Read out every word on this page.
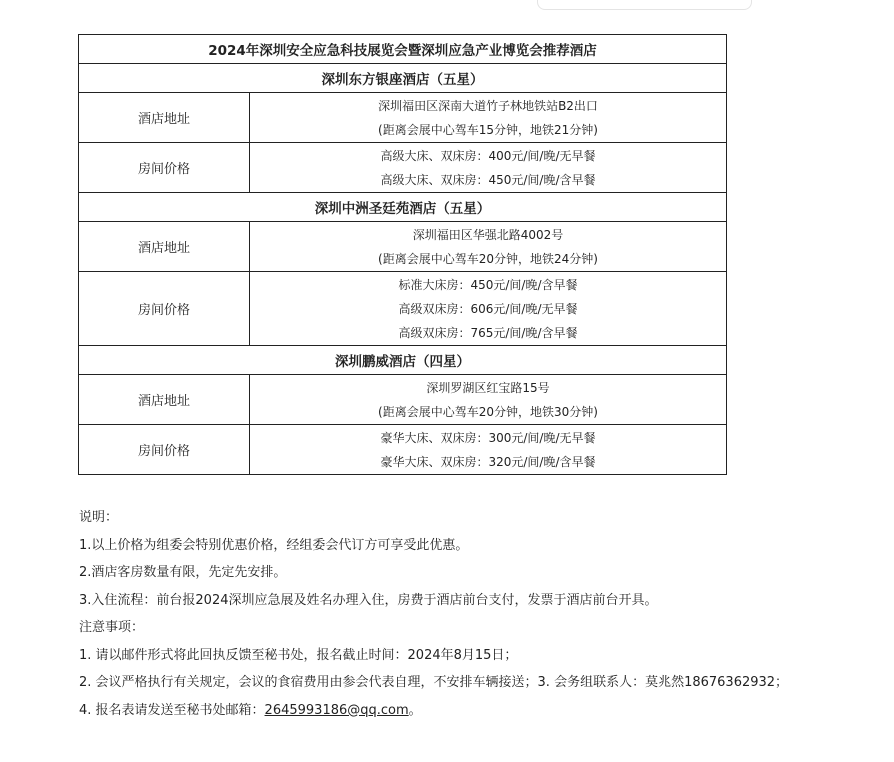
2024年深圳安全应急科技展览会暨深圳应急产业博览会推荐酒店	
深圳东方银座酒店（五星）	
酒店地址	深圳福田区深南大道竹子林地铁站B2出口
(距离会展中心驾车15分钟，地铁21分钟)

房间价格	高级大床、双床房：400元/间/晚/无早餐
高级大床、双床房：450元/间/晚/含早餐

深圳中洲圣廷苑酒店（五星）	
酒店地址	深圳福田区华强北路4002号
(距离会展中心驾车20分钟，地铁24分钟)

房间价格	标准大床房：450元/间/晚/含早餐
高级双床房：606元/间/晚/无早餐
高级双床房：765元/间/晚/含早餐

深圳鹏威酒店（四星）	
酒店地址	深圳罗湖区红宝路15号
(距离会展中心驾车20分钟，地铁30分钟)

房间价格	豪华大床、双床房：300元/间/晚/无早餐
豪华大床、双床房：320元/间/晚/含早餐

说明：

1.以上价格为组委会特别优惠价格，经组委会代订方可享受此优惠。

2.酒店客房数量有限，先定先安排。

3.入住流程：前台报2024深圳应急展及姓名办理入住，房费于酒店前台支付，发票于酒店前台开具。

注意事项：

1. 请以邮件形式将此回执反馈至秘书处，报名截止时间：2024年8月15日；

2. 会议严格执行有关规定，会议的食宿费用由参会代表自理，不安排车辆接送；3. 会务组联系人：莫兆然18676362932；

4. 报名表请发送至秘书处邮箱：2645993186@qq.com。
